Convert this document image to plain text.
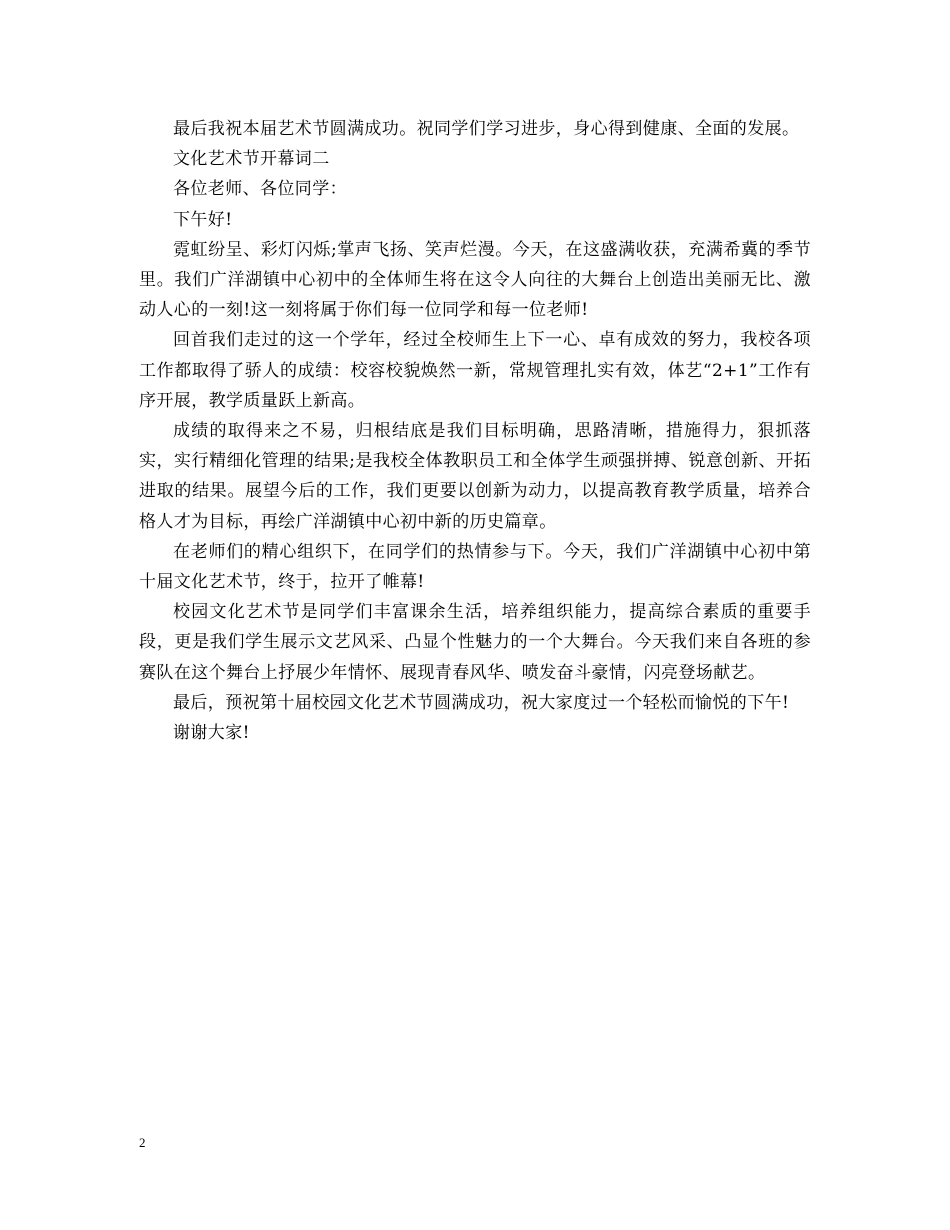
最后我祝本届艺术节圆满成功。祝同学们学习进步，身心得到健康、全面的发展。

文化艺术节开幕词二

各位老师、各位同学：

下午好!

霓虹纷呈、彩灯闪烁;掌声飞扬、笑声烂漫。今天，在这盛满收获，充满希冀的季节里。我们广洋湖镇中心初中的全体师生将在这令人向往的大舞台上创造出美丽无比、激动人心的一刻!这一刻将属于你们每一位同学和每一位老师!

回首我们走过的这一个学年，经过全校师生上下一心、卓有成效的努力，我校各项工作都取得了骄人的成绩：校容校貌焕然一新，常规管理扎实有效，体艺“2+1”工作有序开展，教学质量跃上新高。

成绩的取得来之不易，归根结底是我们目标明确，思路清晰，措施得力，狠抓落实，实行精细化管理的结果;是我校全体教职员工和全体学生顽强拼搏、锐意创新、开拓进取的结果。展望今后的工作，我们更要以创新为动力，以提高教育教学质量，培养合格人才为目标，再绘广洋湖镇中心初中新的历史篇章。

在老师们的精心组织下，在同学们的热情参与下。今天，我们广洋湖镇中心初中第十届文化艺术节，终于，拉开了帷幕!

校园文化艺术节是同学们丰富课余生活，培养组织能力，提高综合素质的重要手段，更是我们学生展示文艺风采、凸显个性魅力的一个大舞台。今天我们来自各班的参赛队在这个舞台上抒展少年情怀、展现青春风华、喷发奋斗豪情，闪亮登场献艺。

最后，预祝第十届校园文化艺术节圆满成功，祝大家度过一个轻松而愉悦的下午!

谢谢大家!

2
